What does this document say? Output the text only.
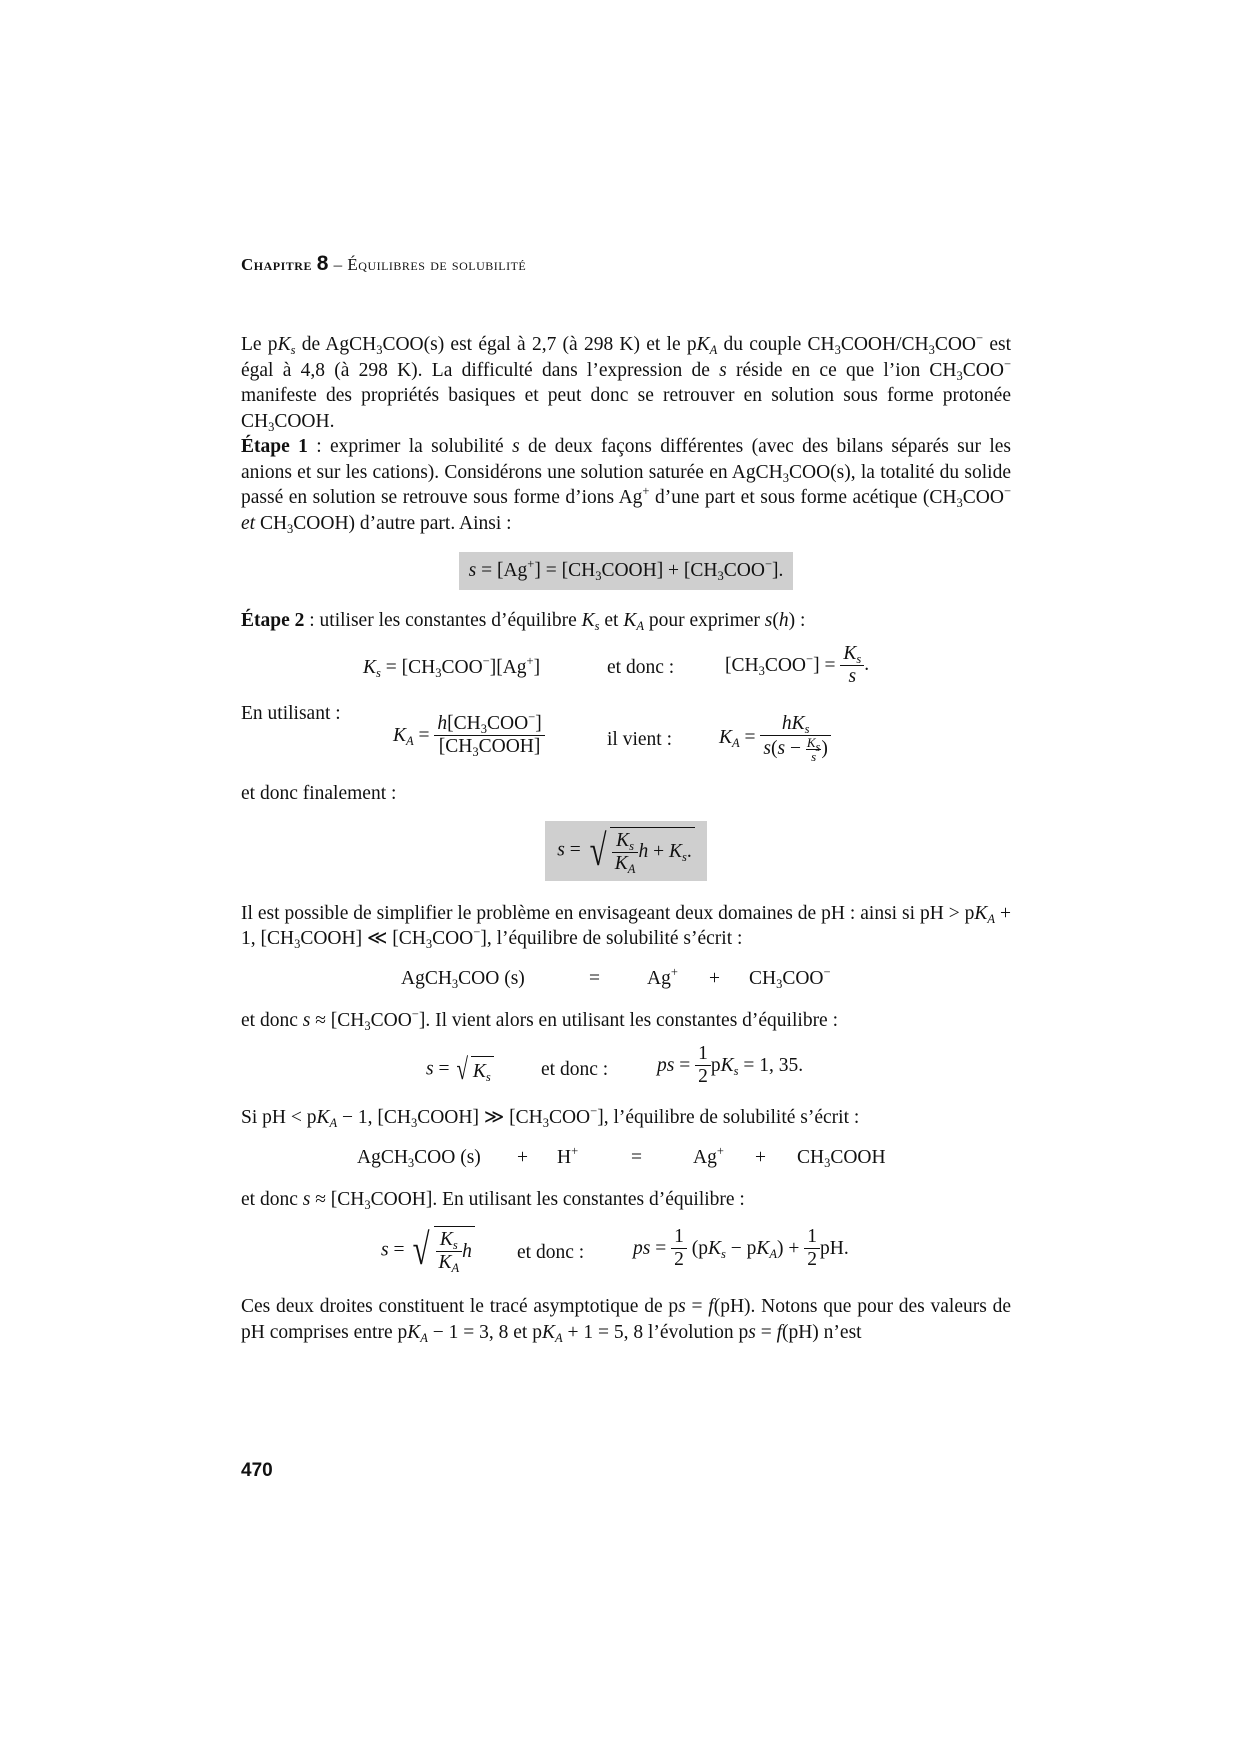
Chapitre 8 – Équilibres de solubilité

Le $pK_s$ de AgCH$_3$COO(s) est égal à 2,7 (à 298 K) et le $pK_A$ du couple $CH_3COOH/CH_3COO^-$ est égal à 4,8 (à 298 K). La difficulté dans l’expression de s réside en ce que l’ion $CH_3COO^-$ manifeste des propriétés basiques et peut donc se retrouver en solution sous forme protonée $CH_3COOH$.

Étape 1 : exprimer la solubilité s de deux façons différentes (avec des bilans séparés sur les anions et sur les cations). Considérons une solution saturée en AgCH$_3$COO(s), la totalité du solide passé en solution se retrouve sous forme d’ions Ag+ d’une part et sous forme acétique ($CH_3COO^-$ et $CH_3COOH$) d’autre part. Ainsi :

$s = [Ag^+] = [CH_3COOH] + [CH_3COO^-]$.

Étape 2 : utiliser les constantes d’équilibre $K_s$ et $K_A$ pour exprimer s(h) :

$K_s = [CH_3COO^-][Ag^+]$	et donc :	$[CH_3COO^-] = \frac{K_s}{s}$ .
En utilisant :
$K_A = \frac{h[CH_3COO^-]}{[CH_3COOH]}$	il vient : $K_A = \frac{hK_s}{s(s - \frac{K_s}{s} )}$

et donc finalement :

s = √ $\frac{K_s}{K_A}$ $h + K_s$.

Il est possible de simplifier le problème en envisageant deux domaines de pH : ainsi si pH > $pK_A + 1$, $[CH_3COOH]$ ≪ $[CH_3COO^-]$, l’équilibre de solubilité s’écrit :

AgCH$_3$COO (s)	= $Ag^+ + CH_3COO^-$

et donc $s \approx [CH_3COO^-]$. Il vient alors en utilisant les constantes d’équilibre :

s = √ $K_s$	et donc :	ps = $\frac{1}{2} pK_s = 1$, 35.

Si pH < $pK_A - 1$, $[CH_3COOH]$ ≫ $[CH_3COO^-]$, l’équilibre de solubilité s’écrit :

AgCH$_3$COO (s) + H+	=	$Ag^+ + CH_3COOH$

et donc $s \approx [CH_3COOH]$. En utilisant les constantes d’équilibre :

s = √ $\frac{K_s}{K_A}$ h et donc :	ps = $\frac{1}{2} (pK_s - pK_A) + \frac{1}{2}$ pH.

Ces deux droites constituent le tracé asymptotique de ps = f(pH). Notons que pour des valeurs de pH comprises entre $pK_A - 1 = 3$, 8 et $pK_A + 1 = 5$, 8 l’évolution ps = f(pH) n’est

470
